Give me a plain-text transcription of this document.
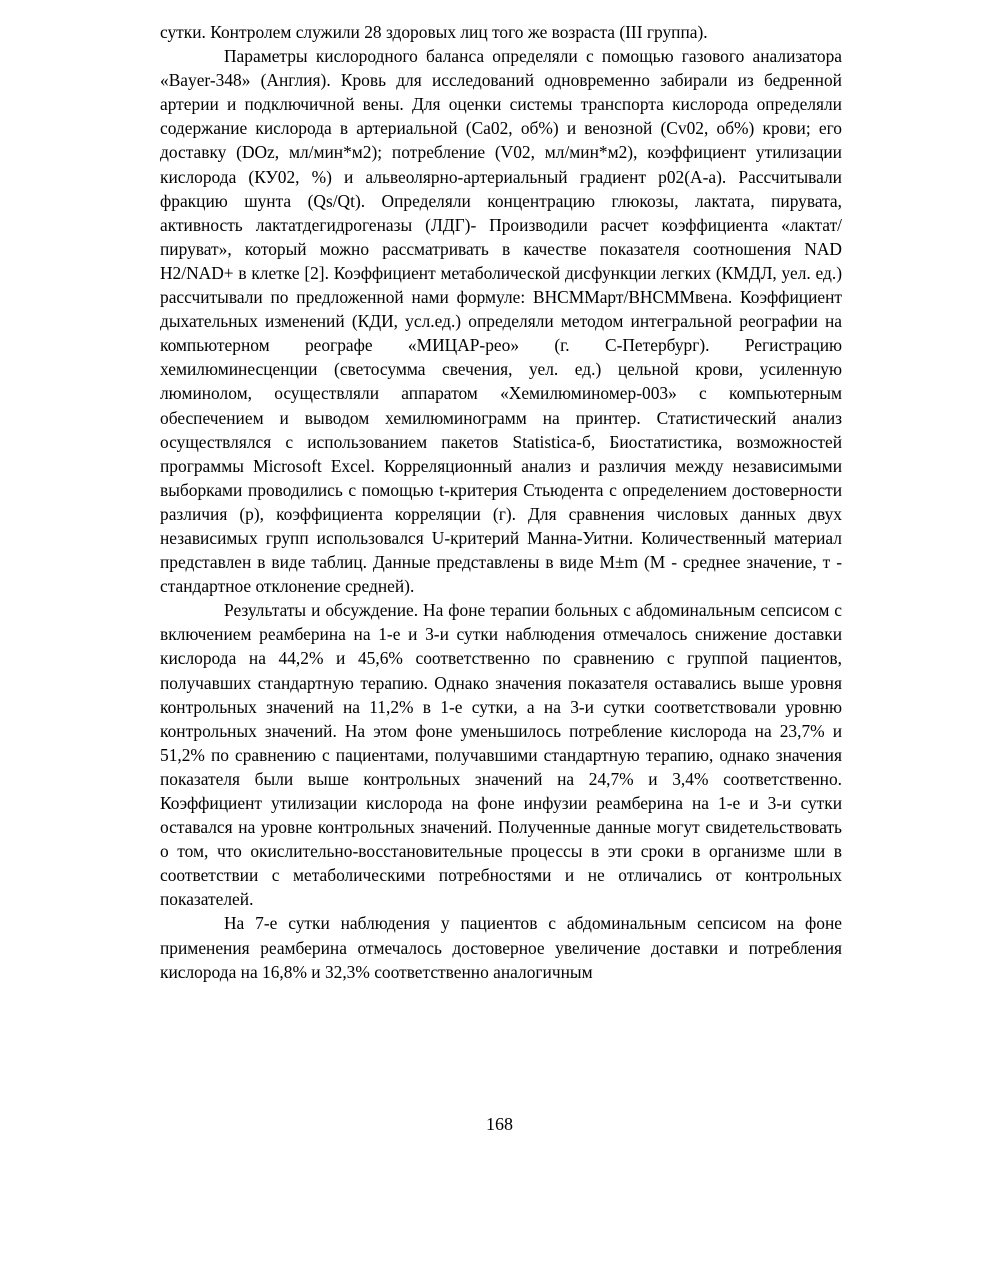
сутки. Контролем служили 28 здоровых лиц того же возраста (III группа).

Параметры кислородного баланса определяли с помощью газового анализатора «Bayer-348» (Англия). Кровь для исследований одновременно забирали из бедренной артерии и подключичной вены. Для оценки системы транспорта кислорода определяли содержание кислорода в артериальной (Ca02, об%) и венозной (Cv02, об%) крови; его доставку (DOz, мл/мин*м2); потребление (V02, мл/мин*м2), коэффициент утилизации кислорода (КУ02, %) и альвеолярно-артериальный градиент p02(A-a). Рассчитывали фракцию шунта (Qs/Qt). Определяли концентрацию глюкозы, лактата, пирувата, активность лактатдегидрогеназы (ЛДГ)- Производили расчет коэффициента «лактат/пируват», который можно рассматривать в качестве показателя соотношения NAD H2/NAD+ в клетке [2]. Коэффициент метаболической дисфункции легких (КМДЛ, уел. ед.) рассчитывали по предложенной нами формуле: ВНСММарт/ВНСММвена. Коэффициент дыхательных изменений (КДИ, усл.ед.) определяли методом интегральной реографии на компьютерном реографе «МИЦАР-рео» (г. С-Петербург). Регистрацию хемилюминесценции (светосумма свечения, уел. ед.) цельной крови, усиленную люминолом, осуществляли аппаратом «Хемилюминомер-003» с компьютерным обеспечением и выводом хемилюминограмм на принтер. Статистический анализ осуществлялся с использованием пакетов Statistica-б, Биостатистика, возможностей программы Microsoft Excel. Корреляционный анализ и различия между независимыми выборками проводились с помощью t-критерия Стьюдента с определением достоверности различия (р), коэффициента корреляции (г). Для сравнения числовых данных двух независимых групп использовался U-критерий Манна-Уитни. Количественный материал представлен в виде таблиц. Данные представлены в виде M±m (М - среднее значение, т - стандартное отклонение средней).

Результаты и обсуждение. На фоне терапии больных с абдоминальным сепсисом с включением реамберина на 1-е и 3-и сутки наблюдения отмечалось снижение доставки кислорода на 44,2% и 45,6% соответственно по сравнению с группой пациентов, получавших стандартную терапию. Однако значения показателя оставались выше уровня контрольных значений на 11,2% в 1-е сутки, а на 3-и сутки соответствовали уровню контрольных значений. На этом фоне уменьшилось потребление кислорода на 23,7% и 51,2% по сравнению с пациентами, получавшими стандартную терапию, однако значения показателя были выше контрольных значений на 24,7% и 3,4% соответственно. Коэффициент утилизации кислорода на фоне инфузии реамберина на 1-е и 3-и сутки оставался на уровне контрольных значений. Полученные данные могут свидетельствовать о том, что окислительно-восстановительные процессы в эти сроки в организме шли в соответствии с метаболическими потребностями и не отличались от контрольных показателей.

На 7-е сутки наблюдения у пациентов с абдоминальным сепсисом на фоне применения реамберина отмечалось достоверное увеличение доставки и потребления кислорода на 16,8% и 32,3% соответственно аналогичным

168
